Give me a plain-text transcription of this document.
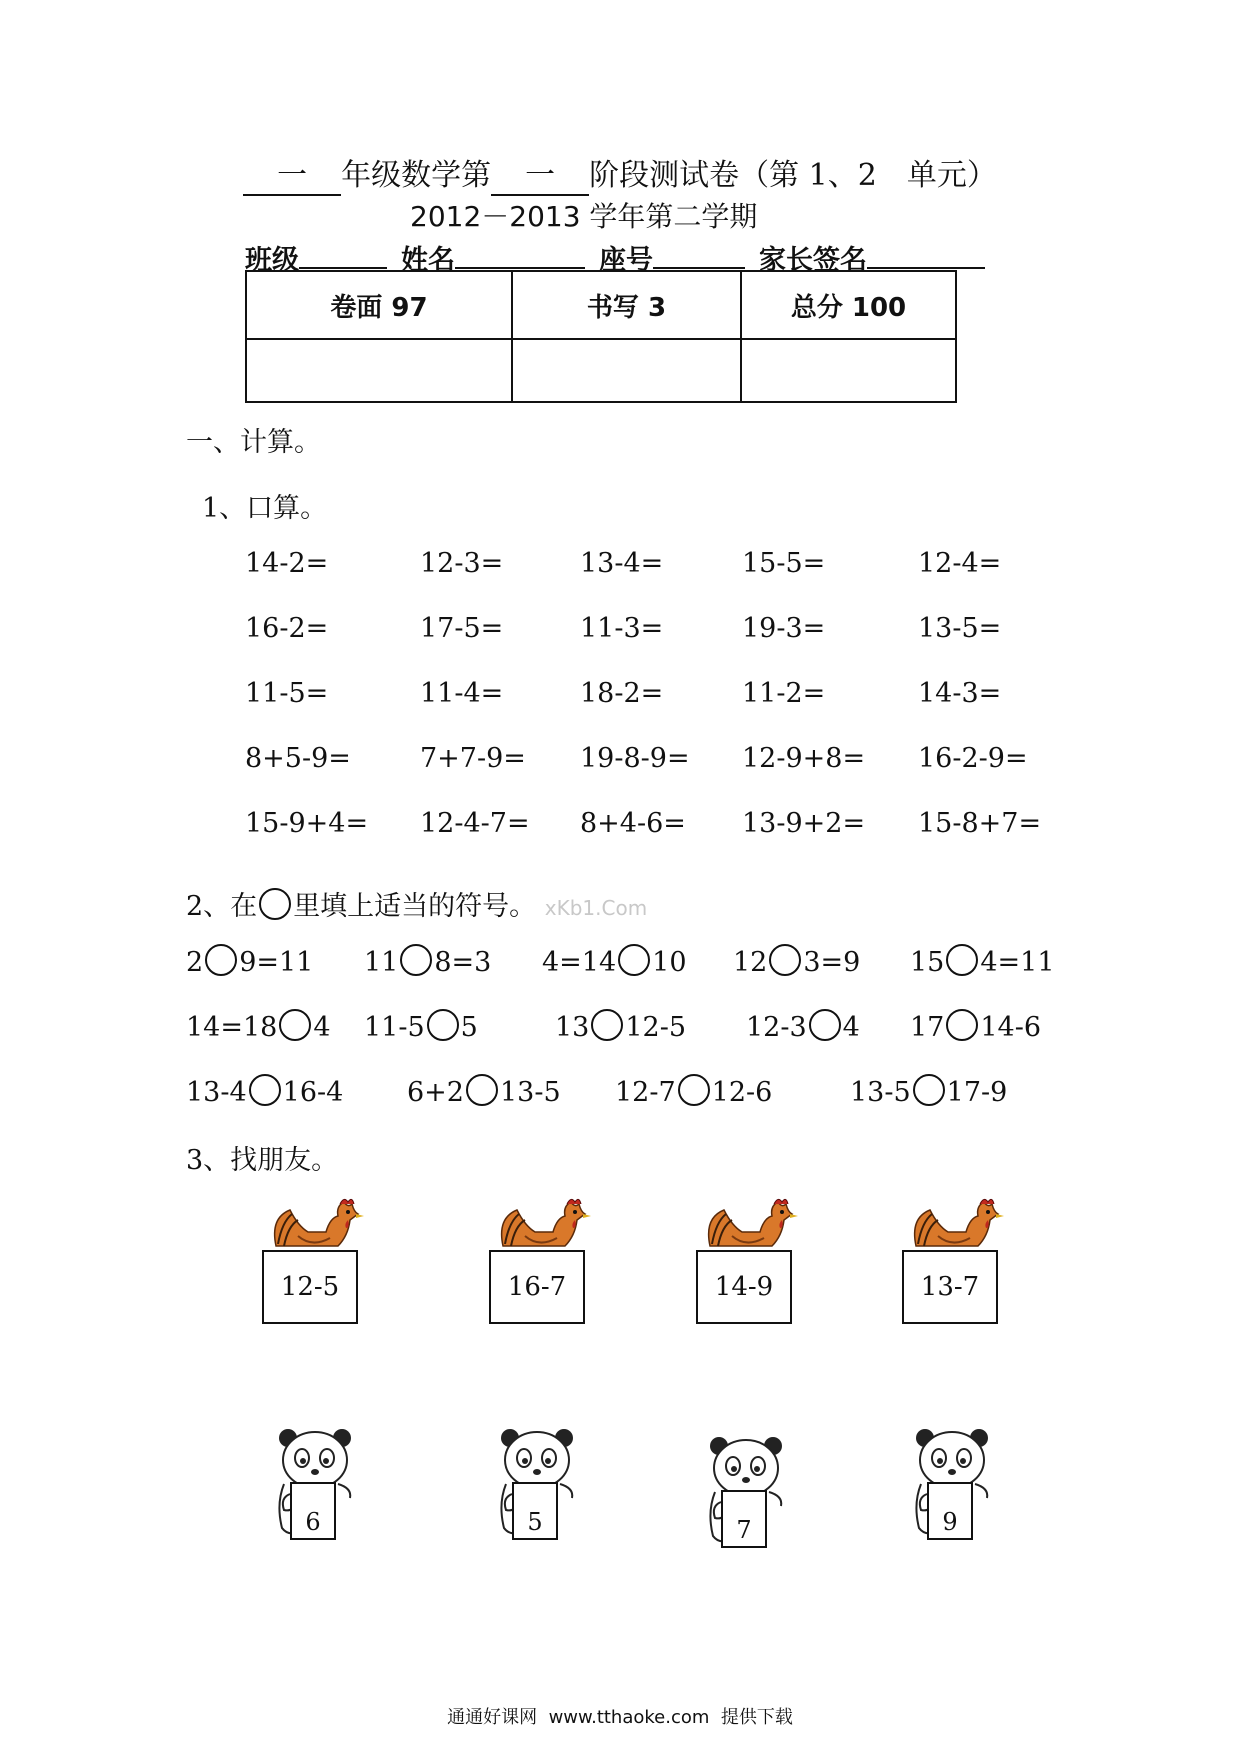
一 年级数学第 一 阶段测试卷（第 1、2　单元）
2012－2013 学年第二学期
班级	姓名	座号	家长签名
卷面 97	书写 3	总分 100

一、计算。
1、口算。
14-2=	12-3=	13-4=	15-5=	12-4=
16-2=	17-5=	11-3=	19-3=	13-5=
11-5=	11-4=	18-2=	11-2=	14-3=
8+5-9=	7+7-9= 19-8-9= 12-9+8= 16-2-9=
15-9+4= 12-4-7= 8+4-6= 13-9+2= 15-8+7=
2、在 里填上适当的符号。 xKb1.Com
2 9=11 11 8=3 4=14 10 12 3=9 15 4=11
14=18 4 11-5 5	13 12-5 12-3 4 17 14-6
13-4 16-4 6+2 13-5 12-7 12-6	13-5 17-9
3、找朋友。
12-5	16-7	14-9	13-7
6	5	7	9
通通好课网  www.tthaoke.com  提供下载
